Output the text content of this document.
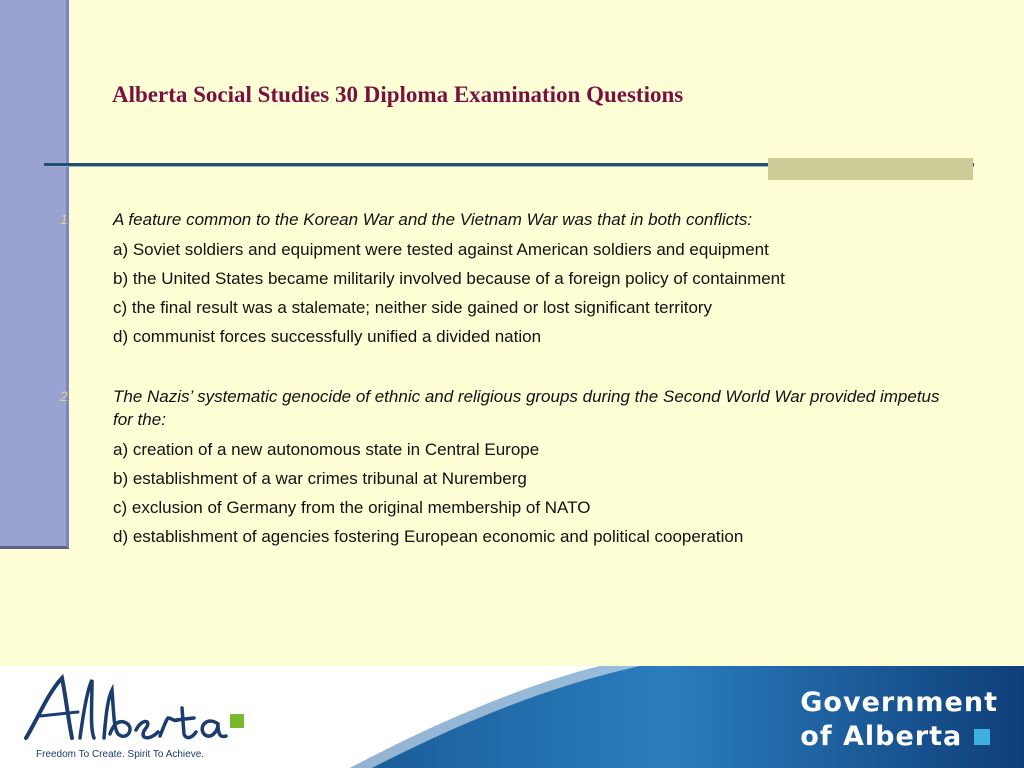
Alberta Social Studies 30 Diploma Examination Questions
1. A feature common to the Korean War and the Vietnam War was that in both conflicts:
a) Soviet soldiers and equipment were tested against American soldiers and equipment
b) the United States became militarily involved because of a foreign policy of containment
c) the final result was a stalemate; neither side gained or lost significant territory
d) communist forces successfully unified a divided nation
2. The Nazis’ systematic genocide of ethnic and religious groups during the Second World War provided impetus for the:
a) creation of a new autonomous state in Central Europe
b) establishment of a war crimes tribunal at Nuremberg
c) exclusion of Germany from the original membership of NATO
d) establishment of agencies fostering European economic and political cooperation
Freedom To Create. Spirit To Achieve.
Government
of Alberta
